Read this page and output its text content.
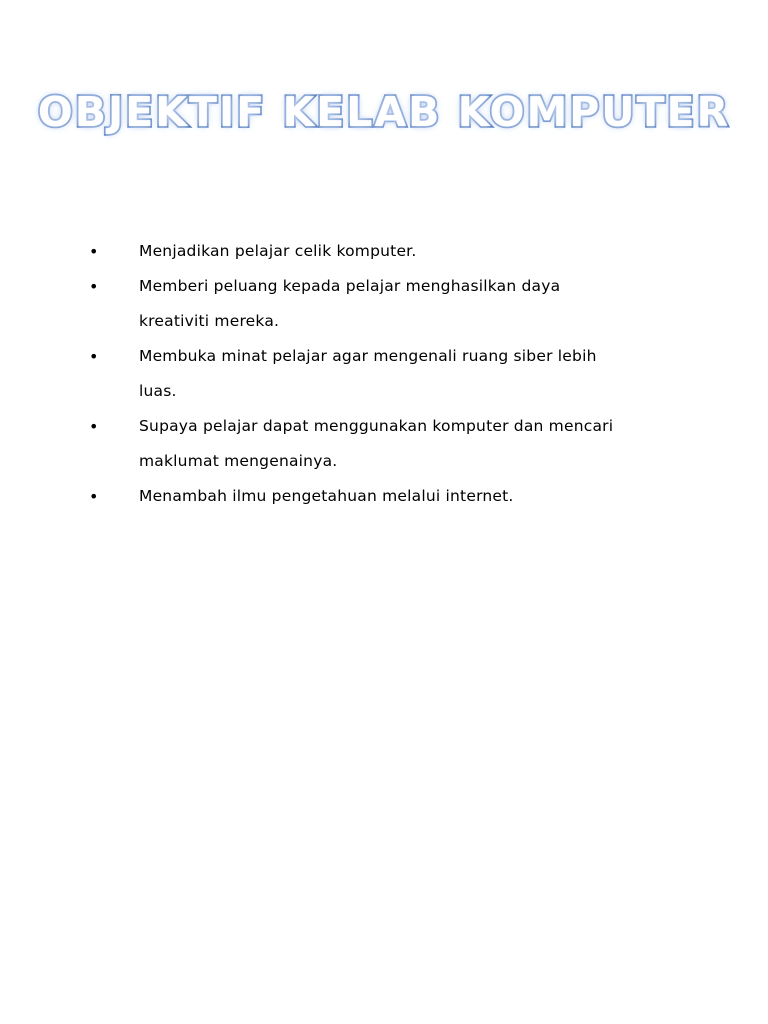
OBJEKTIF KELAB KOMPUTER
•	Menjadikan pelajar celik komputer.
•	Memberi peluang kepada pelajar menghasilkan daya
kreativiti mereka.
•	Membuka minat pelajar agar mengenali ruang siber lebih
luas.
•	Supaya pelajar dapat menggunakan komputer dan mencari
maklumat mengenainya.
•	Menambah ilmu pengetahuan melalui internet.
